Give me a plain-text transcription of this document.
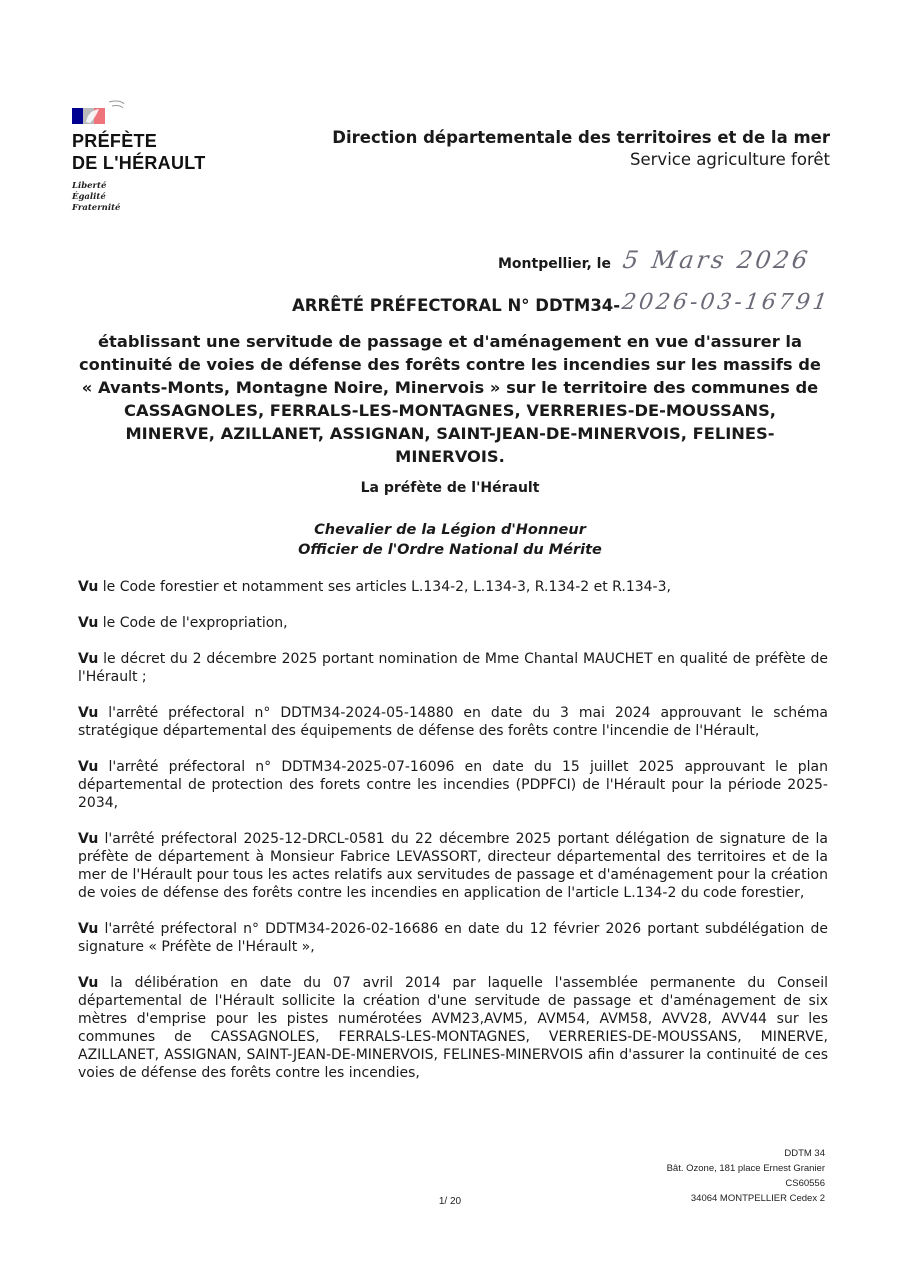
PRÉFÈTE
DE L'HÉRAULT
Liberté
Égalité
Fraternité
Direction départementale des territoires et de la mer
Service agriculture forêt
Montpellier, le 5 Mars 2026
ARRÊTÉ PRÉFECTORAL N° DDTM34- 2026-03-16791
établissant une servitude de passage et d'aménagement en vue d'assurer la
continuité de voies de défense des forêts contre les incendies sur les massifs de
« Avants-Monts, Montagne Noire, Minervois » sur le territoire des communes de
CASSAGNOLES, FERRALS-LES-MONTAGNES, VERRERIES-DE-MOUSSANS,
MINERVE, AZILLANET, ASSIGNAN, SAINT-JEAN-DE-MINERVOIS, FELINES-
MINERVOIS.
La préfète de l'Hérault
Chevalier de la Légion d'Honneur
Officier de l'Ordre National du Mérite

Vu le Code forestier et notamment ses articles L.134-2, L.134-3, R.134-2 et R.134-3,

Vu le Code de l'expropriation,

Vu le décret du 2 décembre 2025 portant nomination de Mme Chantal MAUCHET en qualité de préfète de l'Hérault ;

Vu l'arrêté préfectoral n° DDTM34-2024-05-14880 en date du 3 mai 2024 approuvant le schéma stratégique départemental des équipements de défense des forêts contre l'incendie de l'Hérault,

Vu l'arrêté préfectoral n° DDTM34-2025-07-16096 en date du 15 juillet 2025 approuvant le plan départemental de protection des forets contre les incendies (PDPFCI) de l'Hérault pour la période 2025-2034,

Vu l'arrêté préfectoral 2025-12-DRCL-0581 du 22 décembre 2025 portant délégation de signature de la préfète de département à Monsieur Fabrice LEVASSORT, directeur départemental des territoires et de la mer de l'Hérault pour tous les actes relatifs aux servitudes de passage et d'aménagement pour la création de voies de défense des forêts contre les incendies en application de l'article L.134-2 du code forestier,

Vu l'arrêté préfectoral n° DDTM34-2026-02-16686 en date du 12 février 2026 portant subdélégation de signature « Préfète de l'Hérault »,

Vu la délibération en date du 07 avril 2014 par laquelle l'assemblée permanente du Conseil départemental de l'Hérault sollicite la création d'une servitude de passage et d'aménagement de six mètres d'emprise pour les pistes numérotées AVM23,AVM5, AVM54, AVM58, AVV28, AVV44 sur les communes de CASSAGNOLES, FERRALS-LES-MONTAGNES, VERRERIES-DE-MOUSSANS, MINERVE, AZILLANET, ASSIGNAN, SAINT-JEAN-DE-MINERVOIS, FELINES-MINERVOIS afin d'assurer la continuité de ces voies de défense des forêts contre les incendies,

DDTM 34
Bât. Ozone, 181 place Ernest Granier
CS60556
34064 MONTPELLIER Cedex 2
1/ 20
